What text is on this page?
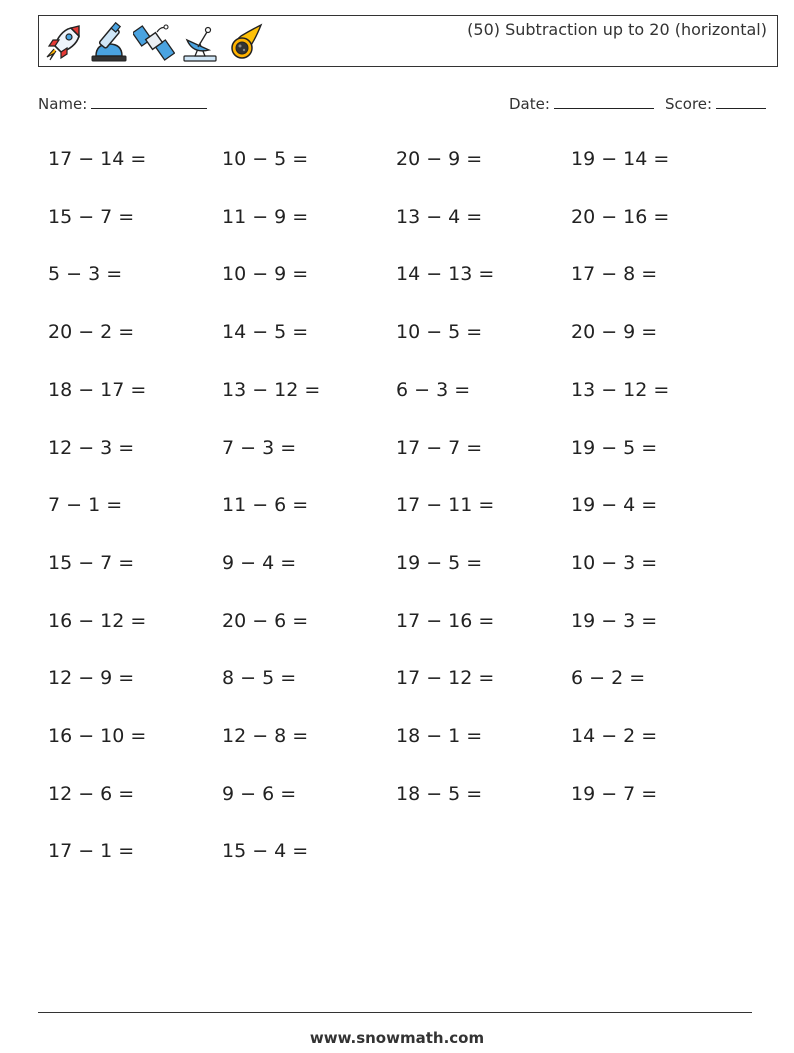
(50) Subtraction up to 20 (horizontal)
Name:	Date:	Score:
17 − 14 =	10 − 5 =	20 − 9 =	19 − 14 =
15 − 7 =	11 − 9 =	13 − 4 =	20 − 16 =
5 − 3 =	10 − 9 =	14 − 13 =	17 − 8 =
20 − 2 =	14 − 5 =	10 − 5 =	20 − 9 =
18 − 17 =	13 − 12 =	6 − 3 =	13 − 12 =
12 − 3 =	7 − 3 =	17 − 7 =	19 − 5 =
7 − 1 =	11 − 6 =	17 − 11 =	19 − 4 =
15 − 7 =	9 − 4 =	19 − 5 =	10 − 3 =
16 − 12 =	20 − 6 =	17 − 16 =	19 − 3 =
12 − 9 =	8 − 5 =	17 − 12 =	6 − 2 =
16 − 10 =	12 − 8 =	18 − 1 =	14 − 2 =
12 − 6 =	9 − 6 =	18 − 5 =	19 − 7 =
17 − 1 =	15 − 4 =
www.snowmath.com
